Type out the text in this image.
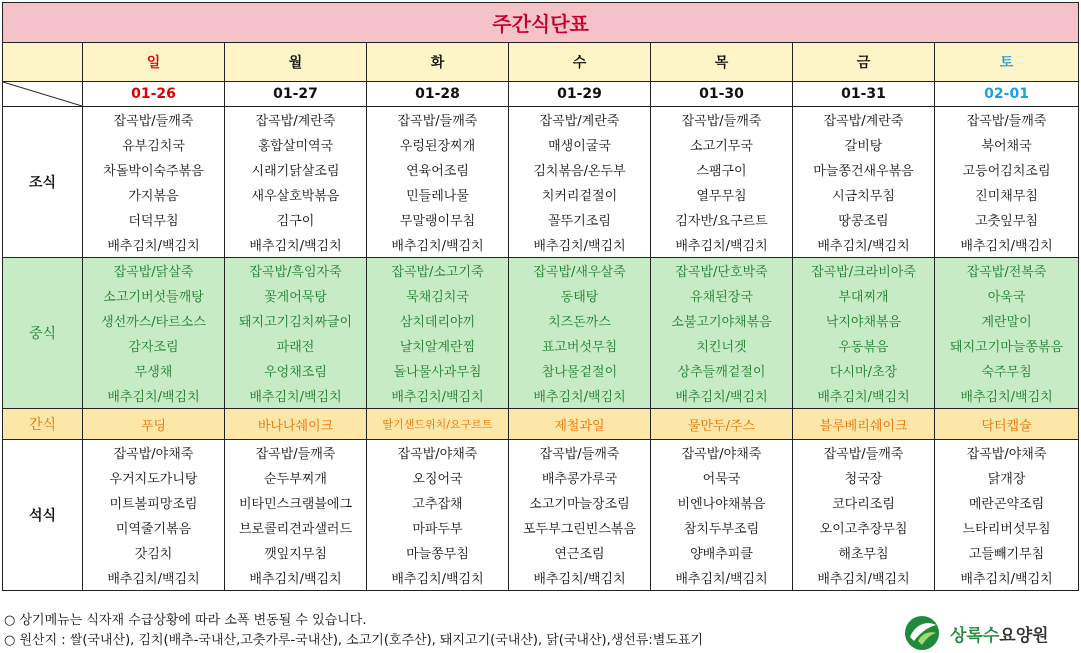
주간식단표							
	일	월	화	수	목	금	토

	01-26	01-27	01-28	01-29	01-30	01-31	02-01
조식	잡곡밥/들깨죽	잡곡밥/계란죽	잡곡밥/들깨죽	잡곡밥/계란죽	잡곡밥/들깨죽	잡곡밥/계란죽	잡곡밥/들깨죽
	유부김치국	홍합살미역국	우렁된장찌개	매생이굴국	소고기무국	갈비탕	북어채국
	차돌박이숙주볶음	시래기닭살조림	연육어조림	김치볶음/온두부	스팸구이	마늘쫑건새우볶음	고등어김치조림
	가지볶음	새우살호박볶음	민들레나물	치커리겉절이	열무무침	시금치무침	진미채무침
	더덕무침	김구이	무말랭이무침	꼴뚜기조림	김자반/요구르트	땅콩조림	고춧잎무침
	배추김치/백김치	배추김치/백김치	배추김치/백김치	배추김치/백김치	배추김치/백김치	배추김치/백김치	배추김치/백김치
중식	잡곡밥/닭살죽	잡곡밥/흑임자죽	잡곡밥/소고기죽	잡곡밥/새우살죽	잡곡밥/단호박죽	잡곡밥/크라비아죽	잡곡밥/전복죽
	소고기버섯들깨탕	꽃게어묵탕	묵채김치국	동태탕	유채된장국	부대찌개	아욱국
	생선까스/타르소스	돼지고기김치짜글이	삼치데리야끼	치즈돈까스	소불고기야채볶음	낙지야채볶음	계란말이
	감자조림	파래전	날치알계란찜	표고버섯무침	치킨너겟	우동볶음	돼지고기마늘쫑볶음
	무생채	우엉채조림	돌나물사과무침	참나물겉절이	상추들깨겉절이	다시마/초장	숙주무침
	배추김치/백김치	배추김치/백김치	배추김치/백김치	배추김치/백김치	배추김치/백김치	배추김치/백김치	배추김치/백김치
간식	푸딩	바나나쉐이크	딸기샌드위치/요구르트	제철과일	물만두/주스	블루베리쉐이크	닥터캡슐
석식	잡곡밥/야채죽	잡곡밥/들깨죽	잡곡밥/야채죽	잡곡밥/들깨죽	잡곡밥/야채죽	잡곡밥/들깨죽	잡곡밥/야채죽
	우거지도가니탕	순두부찌개	오징어국	배추콩가루국	어묵국	청국장	닭개장
	미트볼피망조림	비타민스크램블에그	고추잡채	소고기마늘장조림	비엔나야채볶음	코다리조림	메란곤약조림
	미역줄기볶음	브로콜리견과샐러드	마파두부	포두부그린빈스볶음	참치두부조림	오이고추장무침	느타리버섯무침
	갓김치	깻잎지무침	마늘쫑무침	연근조림	양배추피클	해초무침	고들빼기무침
	배추김치/백김치	배추김치/백김치	배추김치/백김치	배추김치/백김치	배추김치/백김치	배추김치/백김치	배추김치/백김치
○ 상기메뉴는 식자재 수급상황에 따라 소폭 변동될 수 있습니다.
○ 원산지 : 쌀(국내산), 김치(배추-국내산,고춧가루-국내산), 소고기(호주산), 돼지고기(국내산), 닭(국내산),생선류:별도표기	상록수요양원
